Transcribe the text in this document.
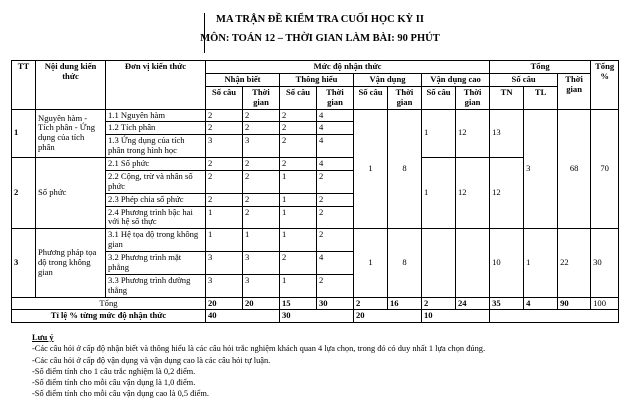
MA TRẬN ĐỀ KIỂM TRA CUỐI HỌC KỲ II
MÔN: TOÁN 12 – THỜI GIAN LÀM BÀI: 90 PHÚT
TT	Nội dung kiến thức	Đơn vị kiến thức	Mức độ nhận thức								Tổng			Tổng %
			Nhận biết		Thông hiểu		Vận dụng		Vận dụng cao		Số câu		Thời gian	
			Số câu	Thời gian	Số câu	Thời gian	Số câu	Thời gian	Số câu	Thời gian	TN	TL		
1	Nguyên hàm - Tích phân - Ứng dụng của tích phân	1.1 Nguyên hàm	2	2	2	4	1	8	1	12	13	3	68	70
		1.2 Tích phân	2	2	2	4								
		1.3 Ứng dụng của tích phân trong hình học	3	3	2	4								
2	Số phức	2.1 Số phức	2	2	2	4			1	12	12			
		2.2 Cộng, trừ và nhân số phức	2	2	1	2								
		2.3 Phép chia số phức	2	2	1	2								
		2.4 Phương trình bậc hai với hệ số thực	1	2	1	2								
3	Phương pháp tọa độ trong không gian	3.1 Hệ tọa độ trong không gian	1	1	1	2	1	8			10	1	22	30
		3.2 Phương trình mặt phẳng	3	3	2	4								
		3.3 Phương trình đường thẳng	3	3	1	2								
Tổng			20	20	15	30	2	16	2	24	35	4	90	100
Tỉ lệ % từng mức độ nhận thức			40		30		20		10					
Lưu ý
-Các câu hỏi ở cấp độ nhận biết và thông hiểu là các câu hỏi trắc nghiệm khách quan 4 lựa chọn, trong đó có duy nhất 1 lựa chọn đúng.
-Các câu hỏi ở cấp độ vận dụng và vận dụng cao là các câu hỏi tự luận.
-Số điểm tính cho 1 câu trắc nghiệm là 0,2 điểm.
-Số điểm tính cho mỗi câu vận dụng là 1,0 điểm.
-Số điểm tính cho mỗi câu vận dụng cao là 0,5 điểm.
